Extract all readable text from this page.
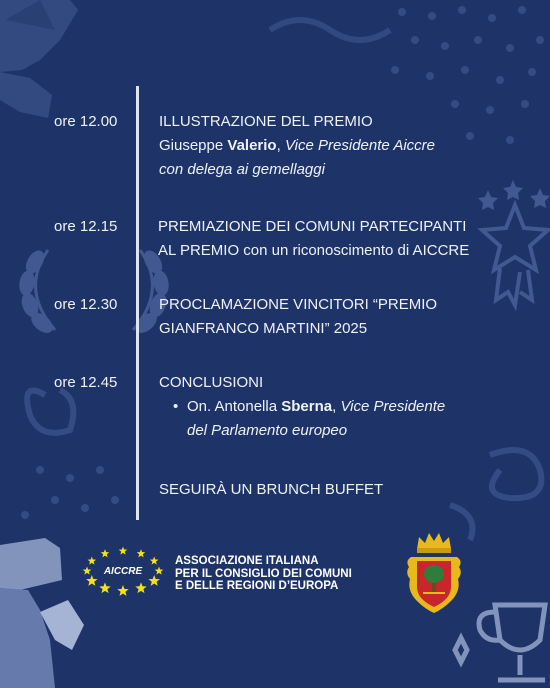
ore 12.00	ILLUSTRAZIONE DEL PREMIO
Giuseppe Valerio, Vice Presidente Aiccre
con delega ai gemellaggi
ore 12.15	PREMIAZIONE DEI COMUNI PARTECIPANTI
AL PREMIO con un riconoscimento di AICCRE
ore 12.30	PROCLAMAZIONE VINCITORI “PREMIO
GIANFRANCO MARTINI” 2025
ore 12.45	CONCLUSIONI
• On. Antonella Sberna, Vice Presidente
del Parlamento europeo
SEGUIRÀ UN BRUNCH BUFFET
AICCRE
ASSOCIAZIONE ITALIANA
PER IL CONSIGLIO DEI COMUNI
E DELLE REGIONI D’EUROPA
